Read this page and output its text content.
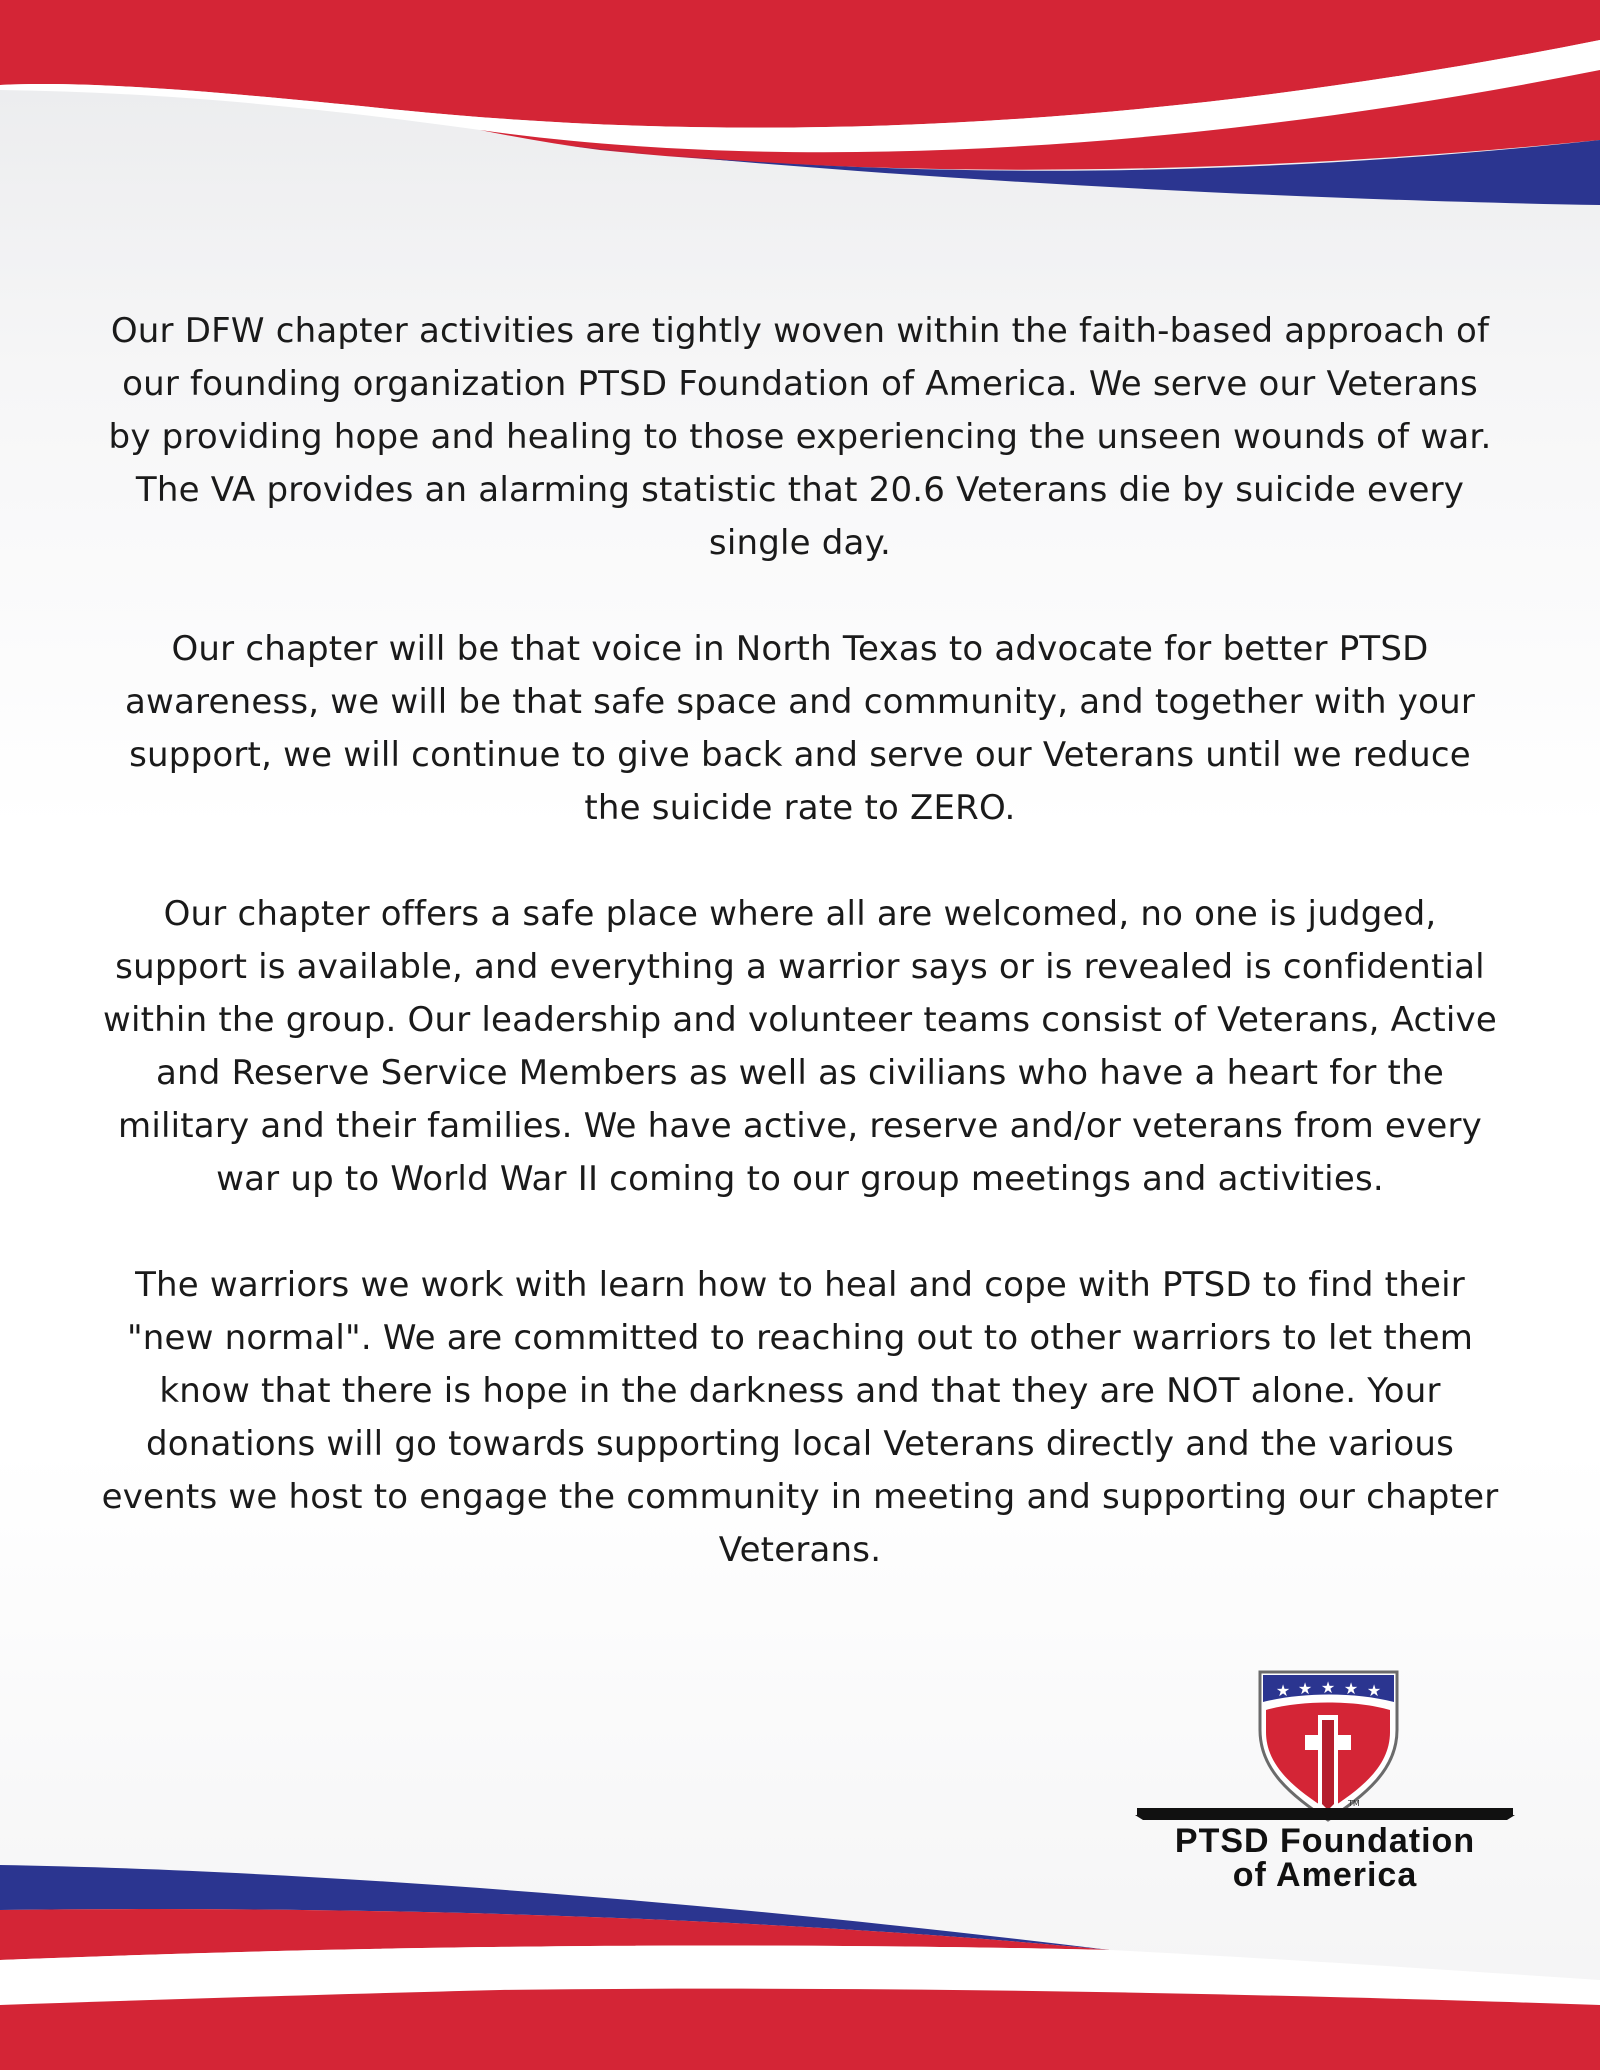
Our DFW chapter activities are tightly woven within the faith-based approach of our founding organization PTSD Foundation of America. We serve our Veterans by providing hope and healing to those experiencing the unseen wounds of war. The VA provides an alarming statistic that 20.6 Veterans die by suicide every single day.

Our chapter will be that voice in North Texas to advocate for better PTSD awareness, we will be that safe space and community, and together with your support, we will continue to give back and serve our Veterans until we reduce the suicide rate to ZERO.

Our chapter offers a safe place where all are welcomed, no one is judged, support is available, and everything a warrior says or is revealed is confidential within the group. Our leadership and volunteer teams consist of Veterans, Active and Reserve Service Members as well as civilians who have a heart for the military and their families. We have active, reserve and/or veterans from every war up to World War II coming to our group meetings and activities.

The warriors we work with learn how to heal and cope with PTSD to find their "new normal". We are committed to reaching out to other warriors to let them know that there is hope in the darkness and that they are NOT alone. Your donations will go towards supporting local Veterans directly and the various events we host to engage the community in meeting and supporting our chapter Veterans.

★ ★ ★ ★ ★
TM
PTSD Foundation
of America
